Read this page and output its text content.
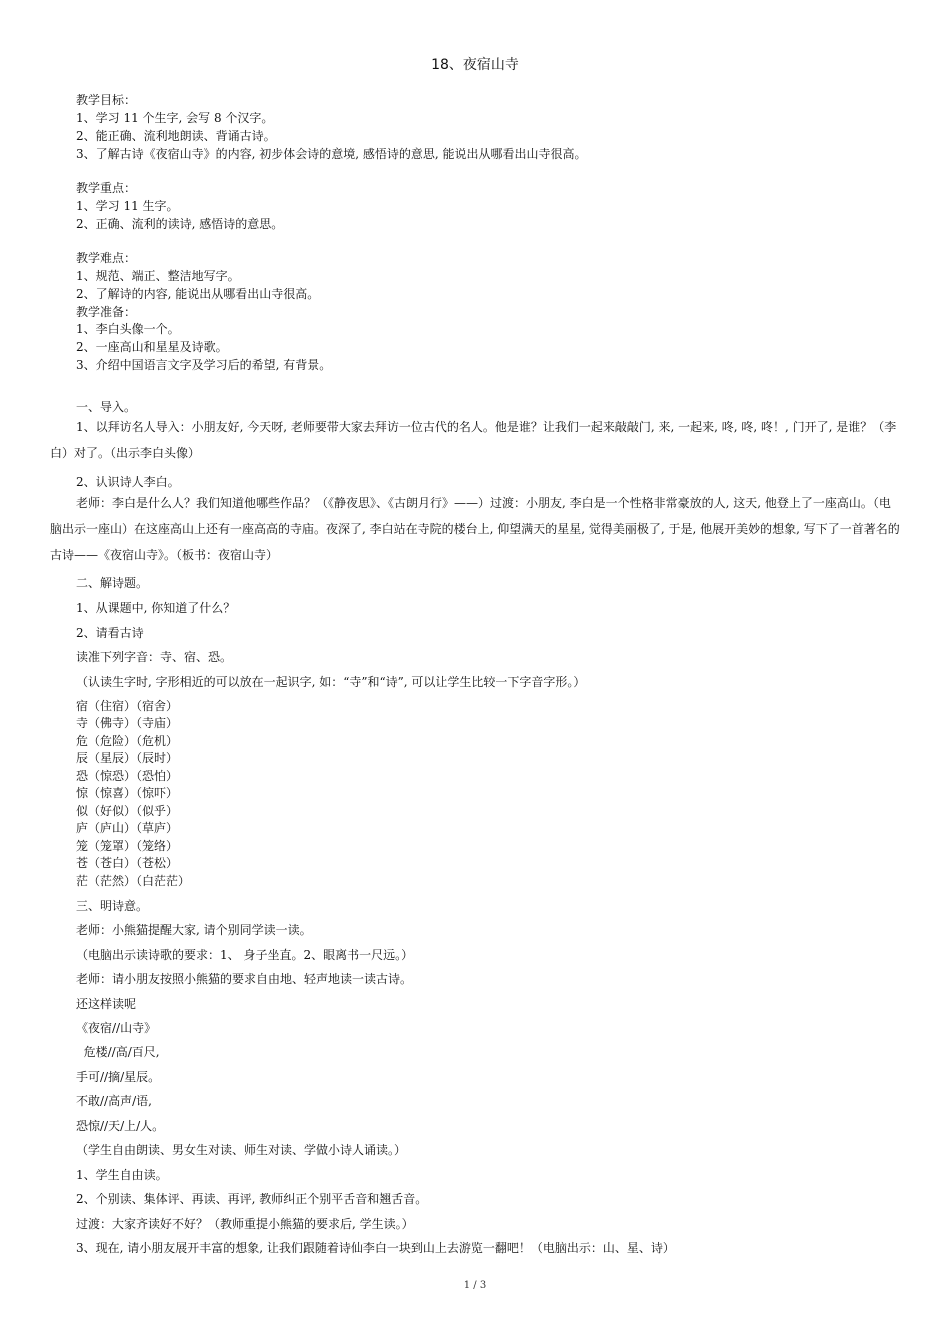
18、夜宿山寺
教学目标：
1、学习 11 个生字, 会写 8 个汉字。
2、能正确、流利地朗读、背诵古诗。
3、了解古诗《夜宿山寺》的内容, 初步体会诗的意境, 感悟诗的意思, 能说出从哪看出山寺很高。
教学重点：
1、学习 11 生字。
2、正确、流利的读诗, 感悟诗的意思。
教学难点：
1、规范、端正、整洁地写字。
2、了解诗的内容, 能说出从哪看出山寺很高。
教学准备：
1、李白头像一个。
2、一座高山和星星及诗歌。
3、介绍中国语言文字及学习后的希望, 有背景。
一、导入。
1、以拜访名人导入：小朋友好, 今天呀, 老师要带大家去拜访一位古代的名人。他是谁？让我们一起来敲敲门, 来, 一起来, 咚, 咚, 咚！, 门开了, 是谁？（李白）对了。（出示李白头像）
2、认识诗人李白。
老师：李白是什么人？我们知道他哪些作品？（《静夜思》、《古朗月行》——）过渡：小朋友, 李白是一个性格非常豪放的人, 这天, 他登上了一座高山。（电脑出示一座山）在这座高山上还有一座高高的寺庙。夜深了, 李白站在寺院的楼台上, 仰望满天的星星, 觉得美丽极了, 于是, 他展开美妙的想象, 写下了一首著名的古诗——《夜宿山寺》。（板书：夜宿山寺）
二、解诗题。
1、从课题中, 你知道了什么？
2、请看古诗
读准下列字音：寺、宿、恐。
（认读生字时, 字形相近的可以放在一起识字, 如：“寺”和“诗”, 可以让学生比较一下字音字形。）
宿（住宿）（宿舍）
寺（佛寺）（寺庙）
危（危险）（危机）
辰（星辰）（辰时）
恐（惊恐）（恐怕）
惊（惊喜）（惊吓）
似（好似）（似乎）
庐（庐山）（草庐）
笼（笼罩）（笼络）
苍（苍白）（苍松）
茫（茫然）（白茫茫）
三、明诗意。
老师：小熊猫提醒大家, 请个别同学读一读。
（电脑出示读诗歌的要求：1、 身子坐直。2、眼离书一尺远。）
老师：请小朋友按照小熊猫的要求自由地、轻声地读一读古诗。
还这样读呢
《夜宿//山寺》
危楼//高/百尺,
手可//摘/星辰。
不敢//高声/语,
恐惊//天/上/人。
（学生自由朗读、男女生对读、师生对读、学做小诗人诵读。）
1、学生自由读。
2、个别读、集体评、再读、再评, 教师纠正个别平舌音和翘舌音。
过渡：大家齐读好不好？（教师重提小熊猫的要求后, 学生读。）
3、现在, 请小朋友展开丰富的想象, 让我们跟随着诗仙李白一块到山上去游览一翻吧！（电脑出示：山、星、诗）
1 / 3
